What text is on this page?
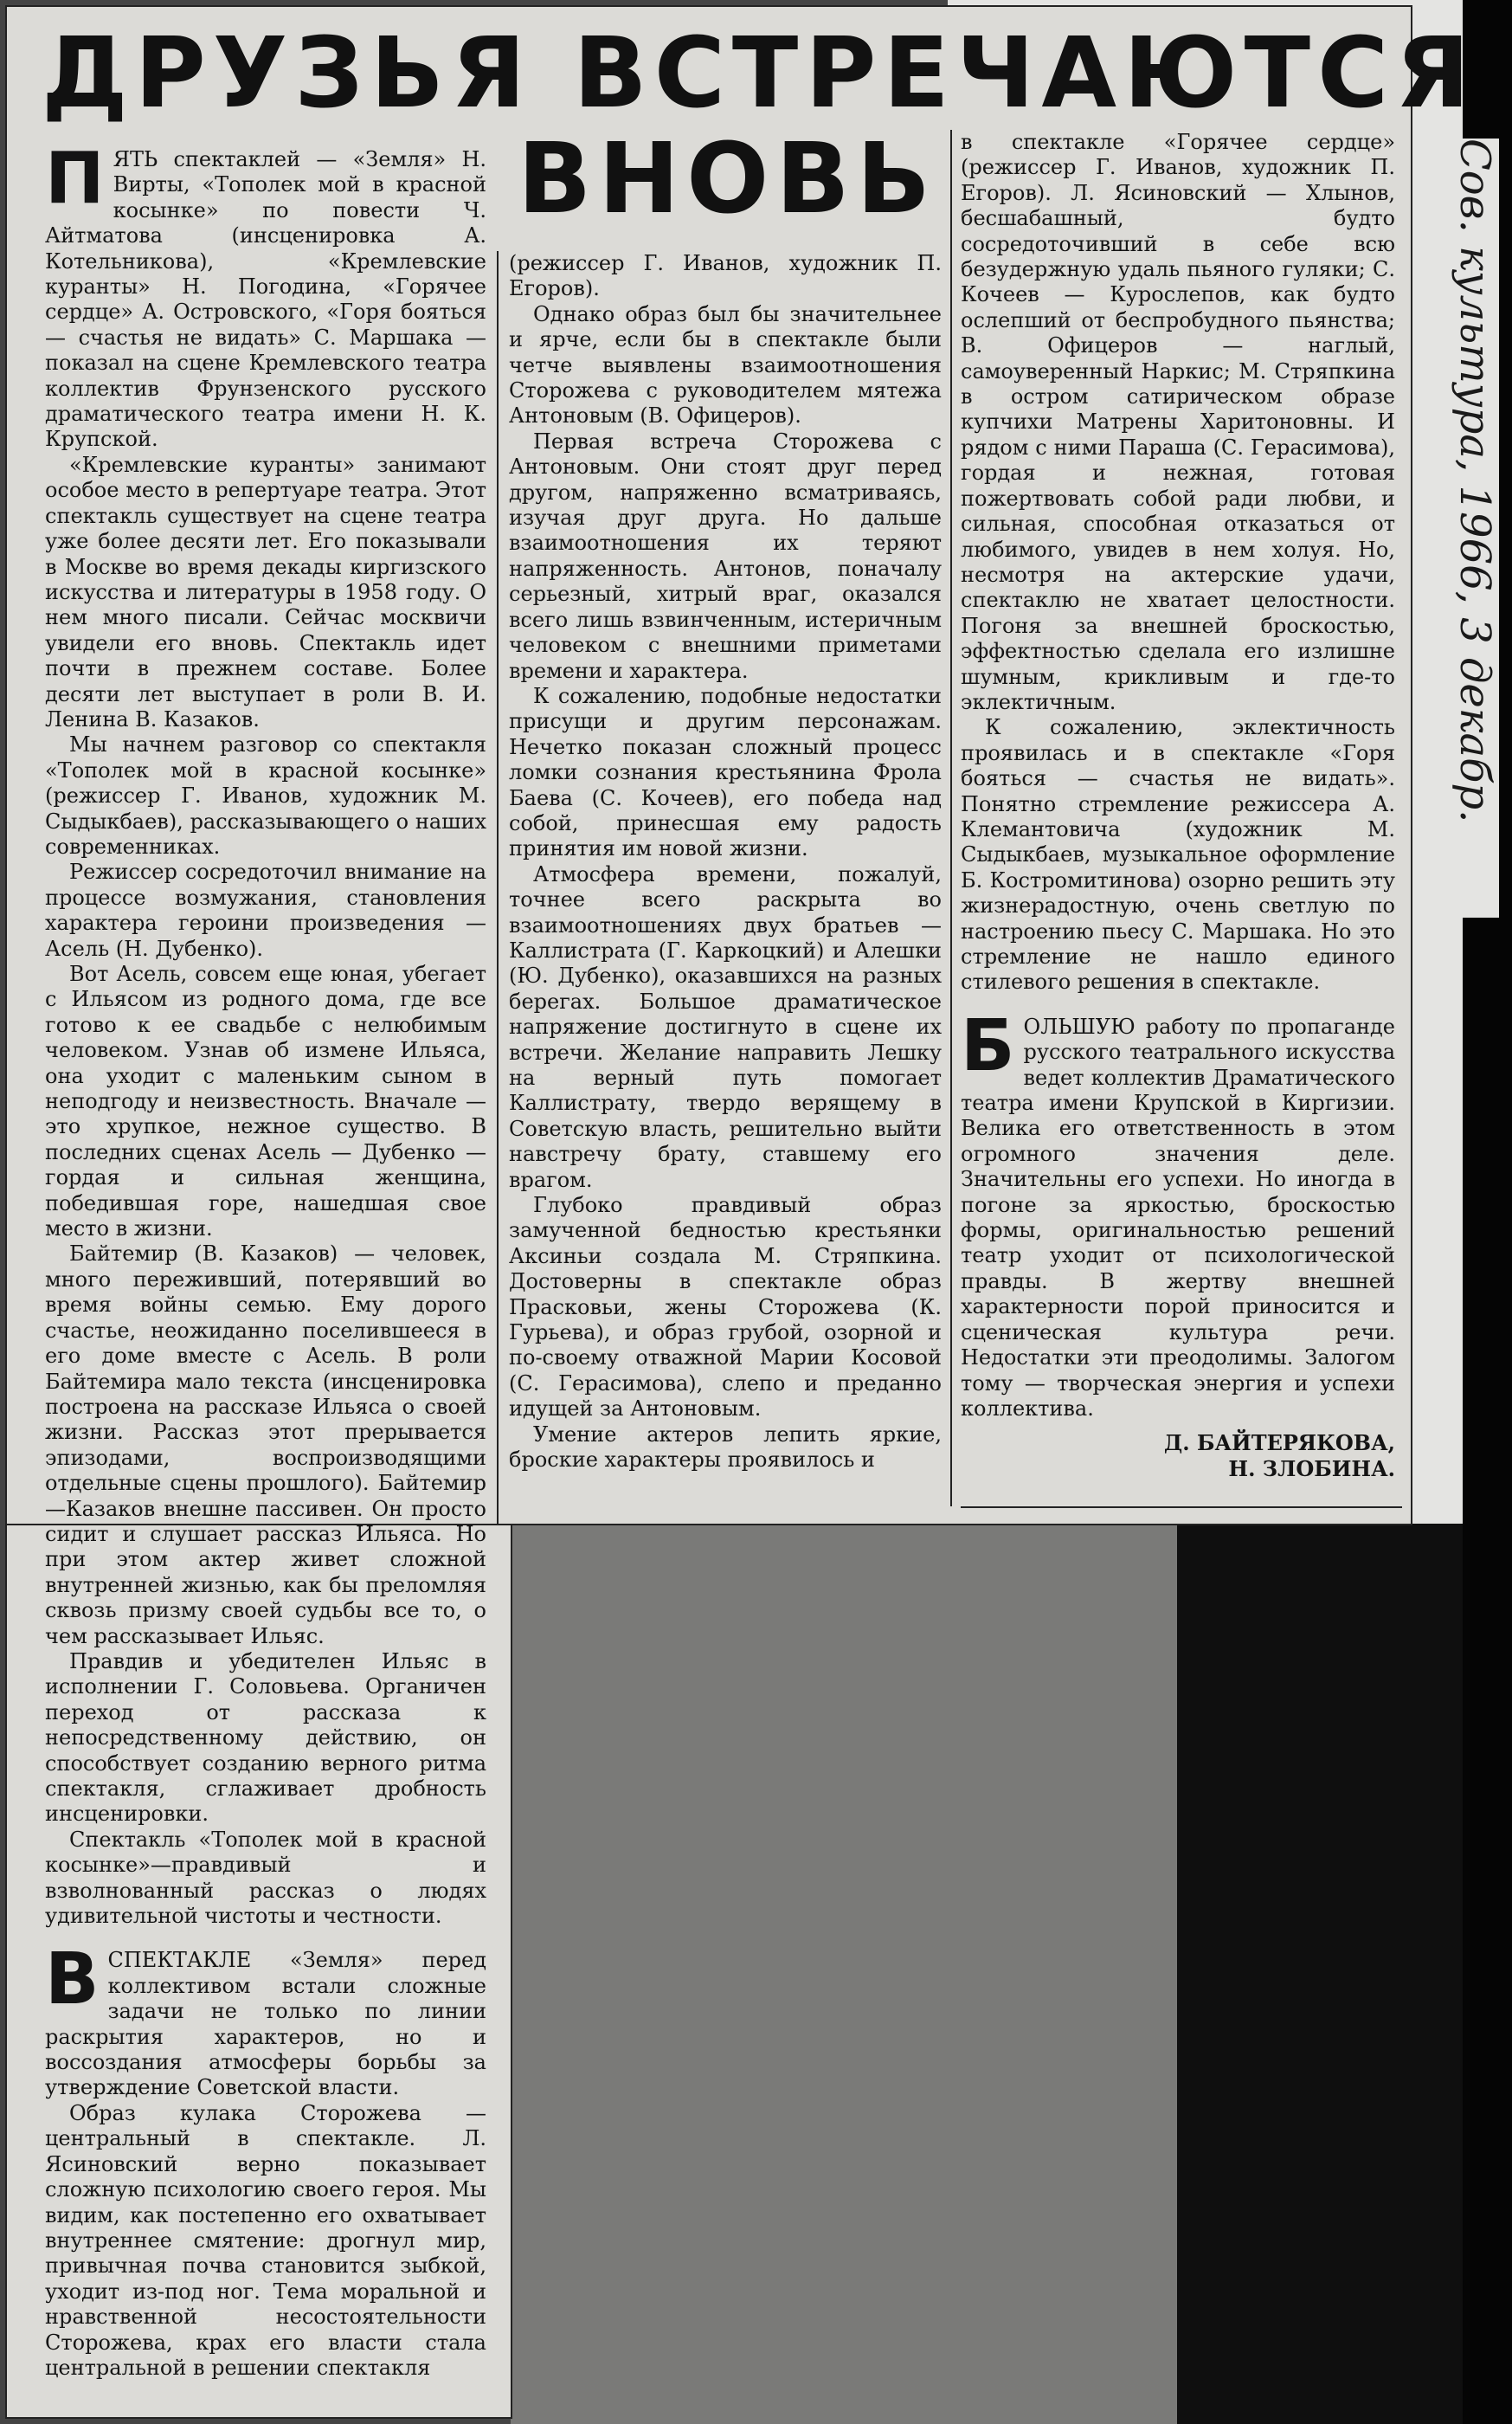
ДРУЗЬЯ ВСТРЕЧАЮТСЯ
ВНОВЬ

ПЯТЬ спектаклей — «Земля» Н. Вирты, «Тополек мой в красной косынке» по повести Ч. Айтматова (инсценировка А. Котельникова), «Кремлевские куранты» Н. Погодина, «Горячее сердце» А. Островского, «Горя бояться — счастья не видать» С. Маршака — показал на сцене Кремлевского театра коллектив Фрунзенского русского драматического театра имени Н. К. Крупской.

«Кремлевские куранты» занимают особое место в репертуаре театра. Этот спектакль существует на сцене театра уже более десяти лет. Его показывали в Москве во время декады киргизского искусства и литературы в 1958 году. О нем много писали. Сейчас москвичи увидели его вновь. Спектакль идет почти в прежнем составе. Более десяти лет выступает в роли В. И. Ленина В. Казаков.

Мы начнем разговор со спектакля «Тополек мой в красной косынке» (режиссер Г. Иванов, художник М. Сыдыкбаев), рассказывающего о наших современниках.

Режиссер сосредоточил внимание на процессе возмужания, становления характера героини произведения — Асель (Н. Дубенко).

Вот Асель, совсем еще юная, убегает с Ильясом из родного дома, где все готово к ее свадьбе с нелюбимым человеком. Узнав об измене Ильяса, она уходит с маленьким сыном в неподгоду и неизвестность. Вначале — это хрупкое, нежное существо. В последних сценах Асель — Дубенко — гордая и сильная женщина, победившая горе, нашедшая свое место в жизни.

Байтемир (В. Казаков) — человек, много переживший, потерявший во время войны семью. Ему дорого счастье, неожиданно поселившееся в его доме вместе с Асель. В роли Байтемира мало текста (инсценировка построена на рассказе Ильяса о своей жизни. Рассказ этот прерывается эпизодами, воспроизводящими отдельные сцены прошлого). Байтемир—Казаков внешне пассивен. Он просто сидит и слушает рассказ Ильяса. Но при этом актер живет сложной внутренней жизнью, как бы преломляя сквозь призму своей судьбы все то, о чем рассказывает Ильяс.

Правдив и убедителен Ильяс в исполнении Г. Соловьева. Органичен переход от рассказа к непосредственному действию, он способствует созданию верного ритма спектакля, сглаживает дробность инсценировки.

Спектакль «Тополек мой в красной косынке»—правдивый и взволнованный рассказ о людях удивительной чистоты и честности.

ВСПЕКТАКЛЕ «Земля» перед коллективом встали сложные задачи не только по линии раскрытия характеров, но и воссоздания атмосферы борьбы за утверждение Советской власти.

Образ кулака Сторожева — центральный в спектакле. Л. Ясиновский верно показывает сложную психологию своего героя. Мы видим, как постепенно его охватывает внутреннее смятение: дрогнул мир, привычная почва становится зыбкой, уходит из-под ног. Тема моральной и нравственной несостоятельности Сторожева, крах его власти стала центральной в решении спектакля

(режиссер Г. Иванов, художник П. Егоров).

Однако образ был бы значительнее и ярче, если бы в спектакле были четче выявлены взаимоотношения Сторожева с руководителем мятежа Антоновым (В. Офицеров).

Первая встреча Сторожева с Антоновым. Они стоят друг перед другом, напряженно всматриваясь, изучая друг друга. Но дальше взаимоотношения их теряют напряженность. Антонов, поначалу серьезный, хитрый враг, оказался всего лишь взвинченным, истеричным человеком с внешними приметами времени и характера.

К сожалению, подобные недостатки присущи и другим персонажам. Нечетко показан сложный процесс ломки сознания крестьянина Фрола Баева (С. Кочеев), его победа над собой, принесшая ему радость принятия им новой жизни.

Атмосфера времени, пожалуй, точнее всего раскрыта во взаимоотношениях двух братьев — Каллистрата (Г. Каркоцкий) и Алешки (Ю. Дубенко), оказавшихся на разных берегах. Большое драматическое напряжение достигнуто в сцене их встречи. Желание направить Лешку на верный путь помогает Каллистрату, твердо верящему в Советскую власть, решительно выйти навстречу брату, ставшему его врагом.

Глубоко правдивый образ замученной бедностью крестьянки Аксиньи создала М. Стряпкина. Достоверны в спектакле образ Прасковьи, жены Сторожева (К. Гурьева), и образ грубой, озорной и по-своему отважной Марии Косовой (С. Герасимова), слепо и преданно идущей за Антоновым.

Умение актеров лепить яркие, броские характеры проявилось и

в спектакле «Горячее сердце» (режиссер Г. Иванов, художник П. Егоров). Л. Ясиновский — Хлынов, бесшабашный, будто сосредоточивший в себе всю безудержную удаль пьяного гуляки; С. Кочеев — Курослепов, как будто ослепший от беспробудного пьянства; В. Офицеров — наглый, самоуверенный Наркис; М. Стряпкина в остром сатирическом образе купчихи Матрены Харитоновны. И рядом с ними Параша (С. Герасимова), гордая и нежная, готовая пожертвовать собой ради любви, и сильная, способная отказаться от любимого, увидев в нем холуя. Но, несмотря на актерские удачи, спектаклю не хватает целостности. Погоня за внешней броскостью, эффектностью сделала его излишне шумным, крикливым и где-то эклектичным.

К сожалению, эклектичность проявилась и в спектакле «Горя бояться — счастья не видать». Понятно стремление режиссера А. Клемантовича (художник М. Сыдыкбаев, музыкальное оформление Б. Костромитинова) озорно решить эту жизнерадостную, очень светлую по настроению пьесу С. Маршака. Но это стремление не нашло единого стилевого решения в спектакле.

БОЛЬШУЮ работу по пропаганде русского театрального искусства ведет коллектив Драматического театра имени Крупской в Киргизии. Велика его ответственность в этом огромного значения деле. Значительны его успехи. Но иногда в погоне за яркостью, броскостью формы, оригинальностью решений театр уходит от психологической правды. В жертву внешней характерности порой приносится и сценическая культура речи. Недостатки эти преодолимы. Залогом тому — творческая энергия и успехи коллектива.

Д. БАЙТЕРЯКОВА,

Н. ЗЛОБИНА.

Сов. культура, 1966, 3 декабр.
